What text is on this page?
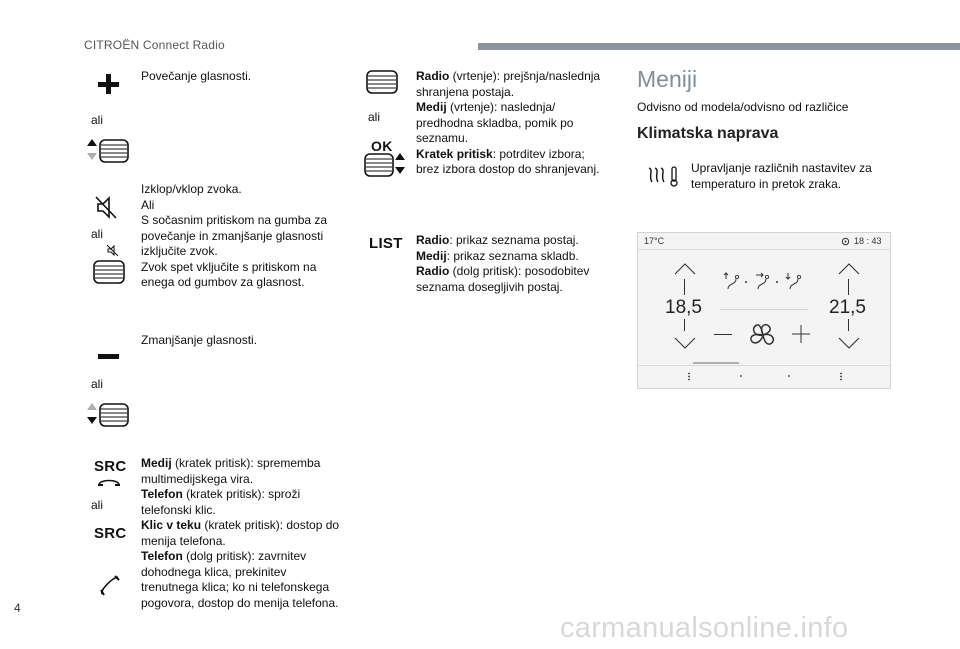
CITROËN Connect Radio
4
carmanualsonline.info
Povečanje glasnosti.
ali
ali
Izklop/vklop zvoka.
Ali
S sočasnim pritiskom na gumba za
povečanje in zmanjšanje glasnosti
izključite zvok.
Zvok spet vključite s pritiskom na
enega od gumbov za glasnost.
Zmanjšanje glasnosti.
ali
SRC
ali
SRC
Medij (kratek pritisk): sprememba
multimedijskega vira.
Telefon (kratek pritisk): sproži
telefonski klic.
Klic v teku (kratek pritisk): dostop do
menija telefona.
Telefon (dolg pritisk): zavrnitev
dohodnega klica, prekinitev
trenutnega klica; ko ni telefonskega
pogovora, dostop do menija telefona.
ali
OK
Radio (vrtenje): prejšnja/naslednja
shranjena postaja.
Medij (vrtenje): naslednja/
predhodna skladba, pomik po
seznamu.
Kratek pritisk: potrditev izbora;
brez izbora dostop do shranjevanj.
LIST Radio: prikaz seznama postaj.
Medij: prikaz seznama skladb.
Radio (dolg pritisk): posodobitev
seznama dosegljivih postaj.
Meniji
Odvisno od modela/odvisno od različice
Klimatska naprava
Upravljanje različnih nastavitev za
temperaturo in pretok zraka.
17°C	18 : 43
18,5	21,5
